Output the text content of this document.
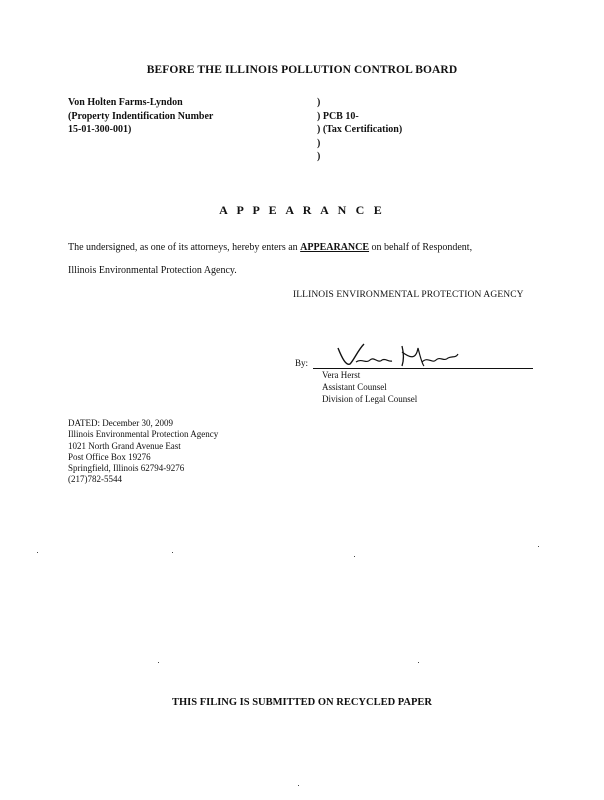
BEFORE THE ILLINOIS POLLUTION CONTROL BOARD
Von Holten Farms-Lyndon
(Property Indentification Number
15-01-300-001)
)
) PCB 10-
) (Tax Certification)
)
)
A P P E A R A N C E
The undersigned, as one of its attorneys, hereby enters an APPEARANCE on behalf of Respondent,
Illinois Environmental Protection Agency.
ILLINOIS ENVIRONMENTAL PROTECTION AGENCY
By:
Vera Herst
Assistant Counsel
Division of Legal Counsel
DATED: December 30, 2009
Illinois Environmental Protection Agency
1021 North Grand Avenue East
Post Office Box 19276
Springfield, Illinois 62794-9276
(217)782-5544
THIS FILING IS SUBMITTED ON RECYCLED PAPER
